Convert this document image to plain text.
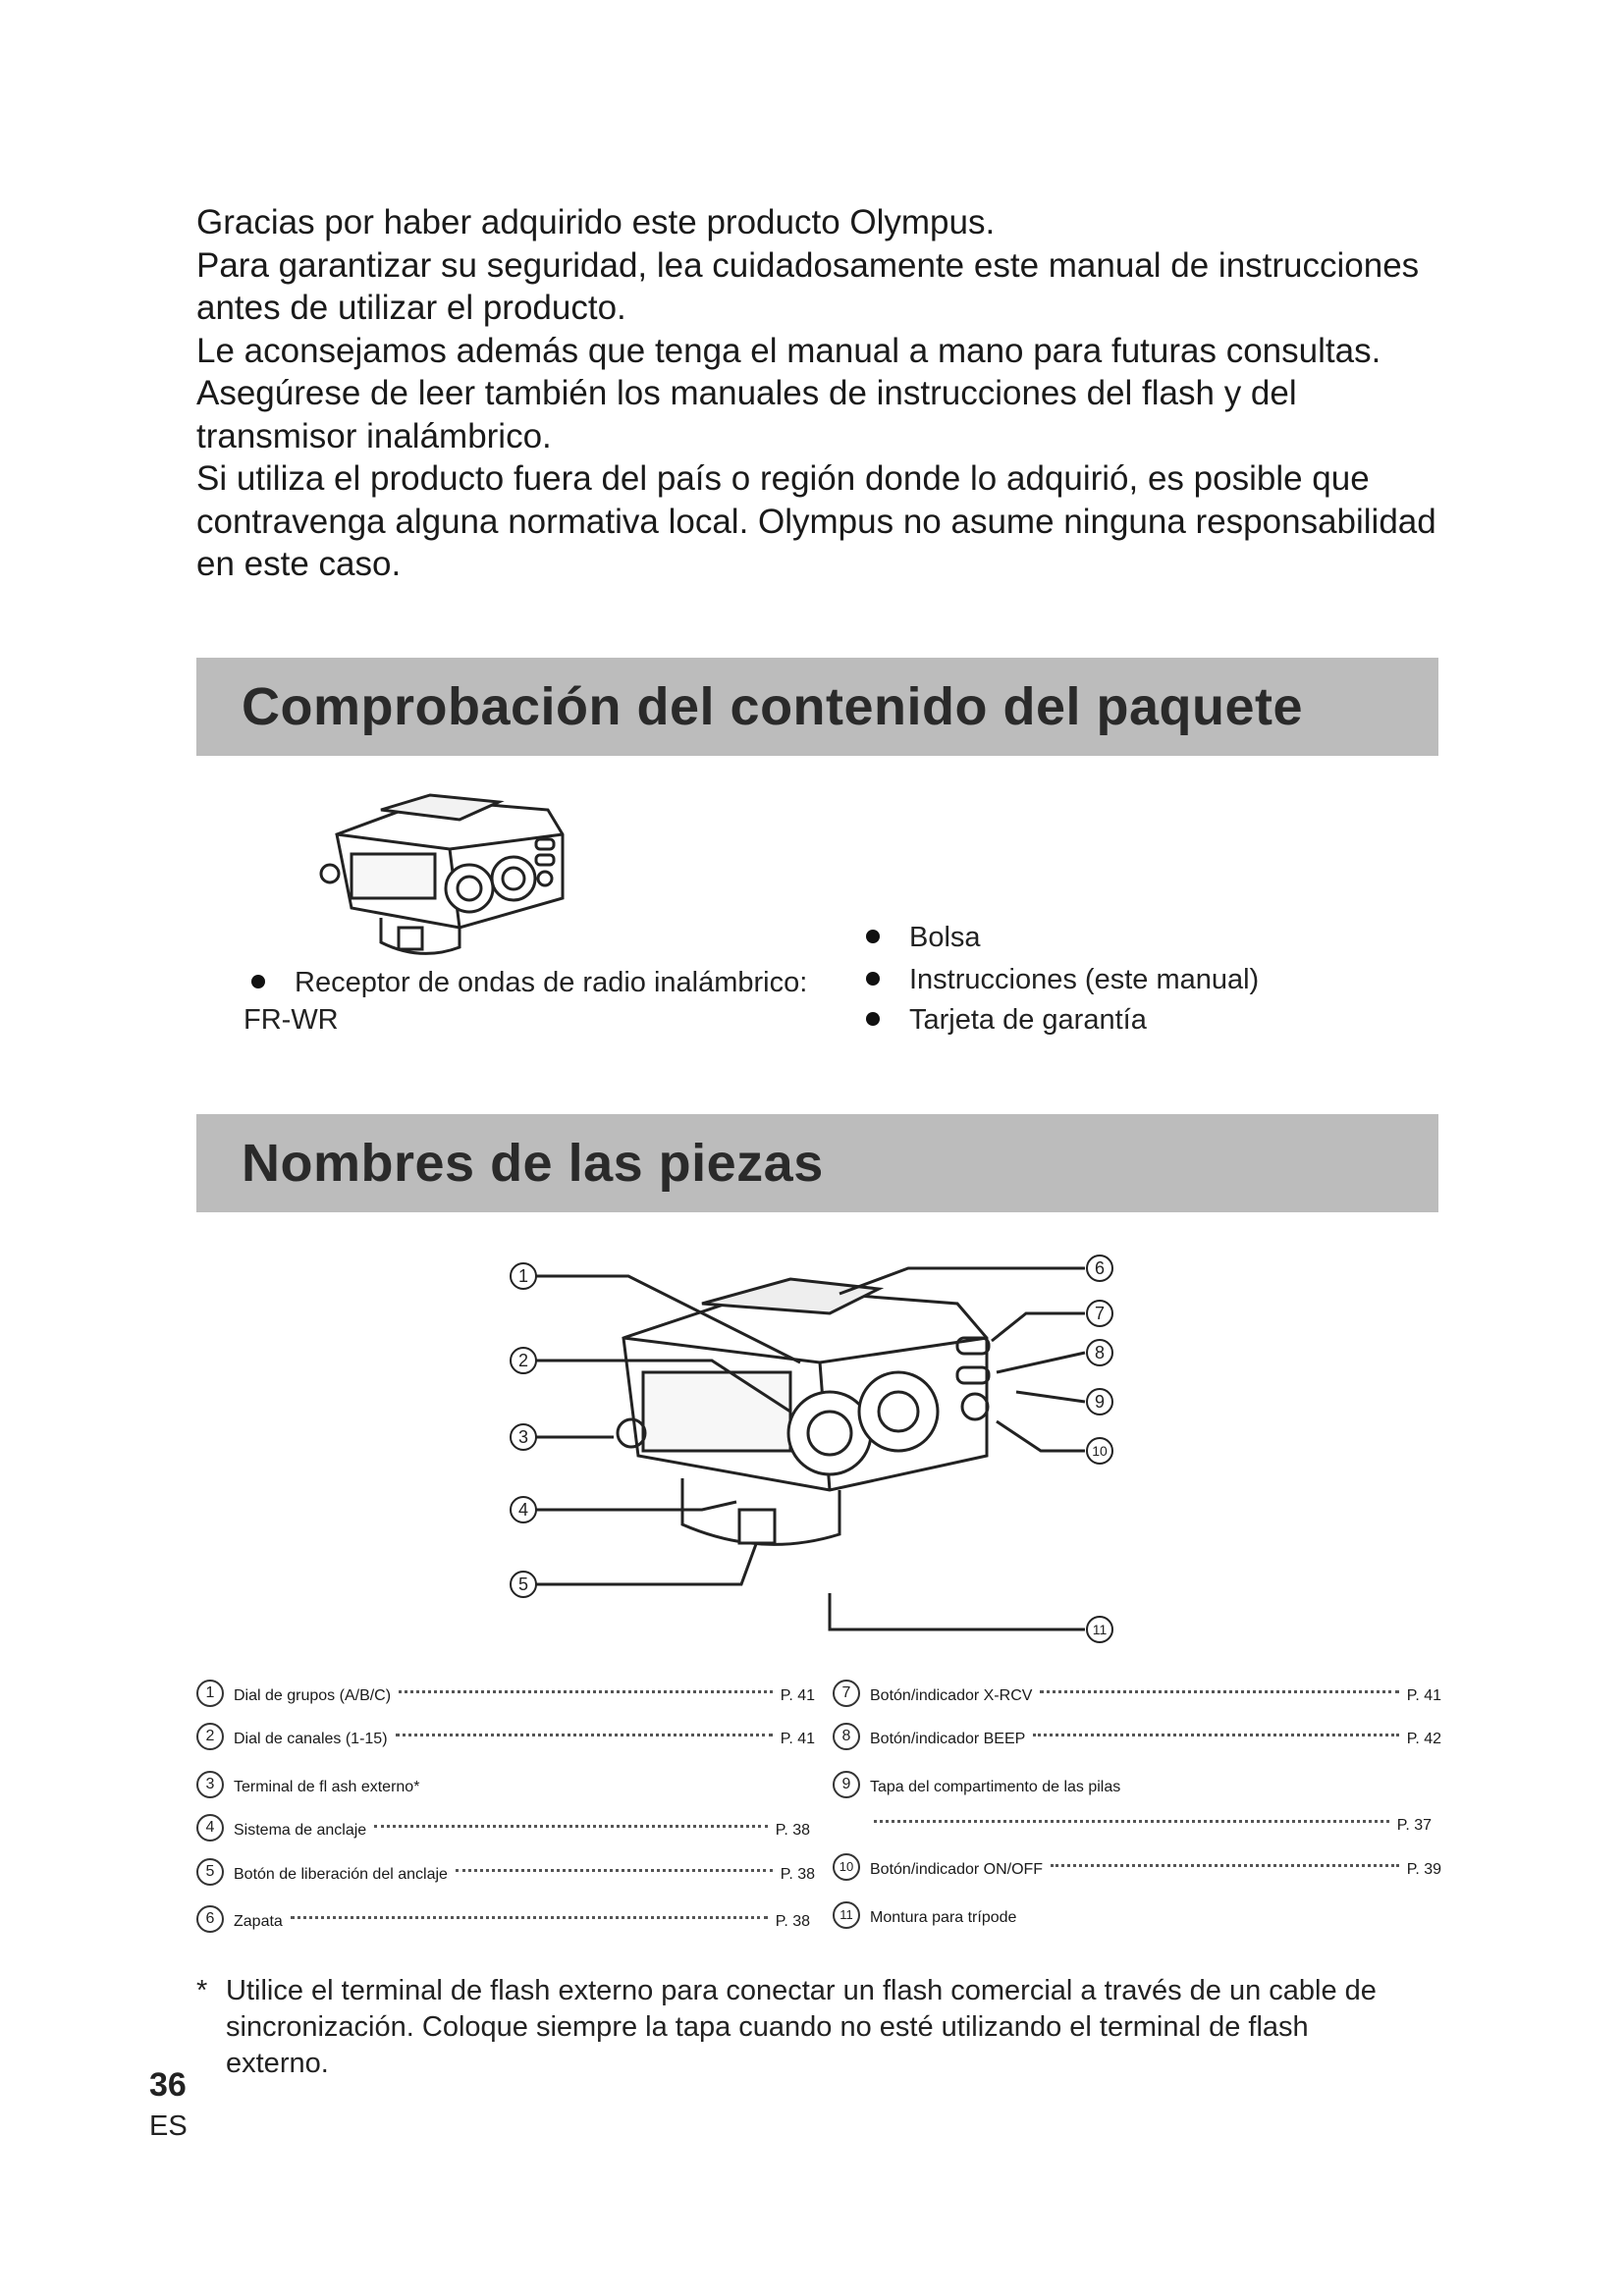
Gracias por haber adquirido este producto Olympus.

Para garantizar su seguridad, lea cuidadosamente este manual de instrucciones

antes de utilizar el producto.

Le aconsejamos además que tenga el manual a mano para futuras consultas.

Asegúrese de leer también los manuales de instrucciones del flash y del

transmisor inalámbrico.

Si utiliza el producto fuera del país o región donde lo adquirió, es posible que

contravenga alguna normativa local. Olympus no asume ninguna responsabilidad

en este caso.

Comprobación del contenido del paquete
Receptor de ondas de radio inalámbrico:
FR-WR
Bolsa
Instrucciones (este manual)
Tarjeta de garantía
Nombres de las piezas
1
2
3
4
5
6
7
8
9
10
11
1	Dial de grupos (A/B/C)	P. 41
2	Dial de canales (1-15)	P. 41
3	Terminal de fl ash externo*
4	Sistema de anclaje	P. 38
5	Botón de liberación del anclaje	P. 38
6	Zapata	P. 38
7	Botón/indicador X-RCV	P. 41
8	Botón/indicador BEEP	P. 42
9	Tapa del compartimento de las pilas
P. 37
10	Botón/indicador ON/OFF	P. 39
11	Montura para trípode
* Utilice el terminal de flash externo para conectar un flash comercial a través de un cable de sincronización. Coloque siempre la tapa cuando no esté utilizando el terminal de flash externo.
36
ES
